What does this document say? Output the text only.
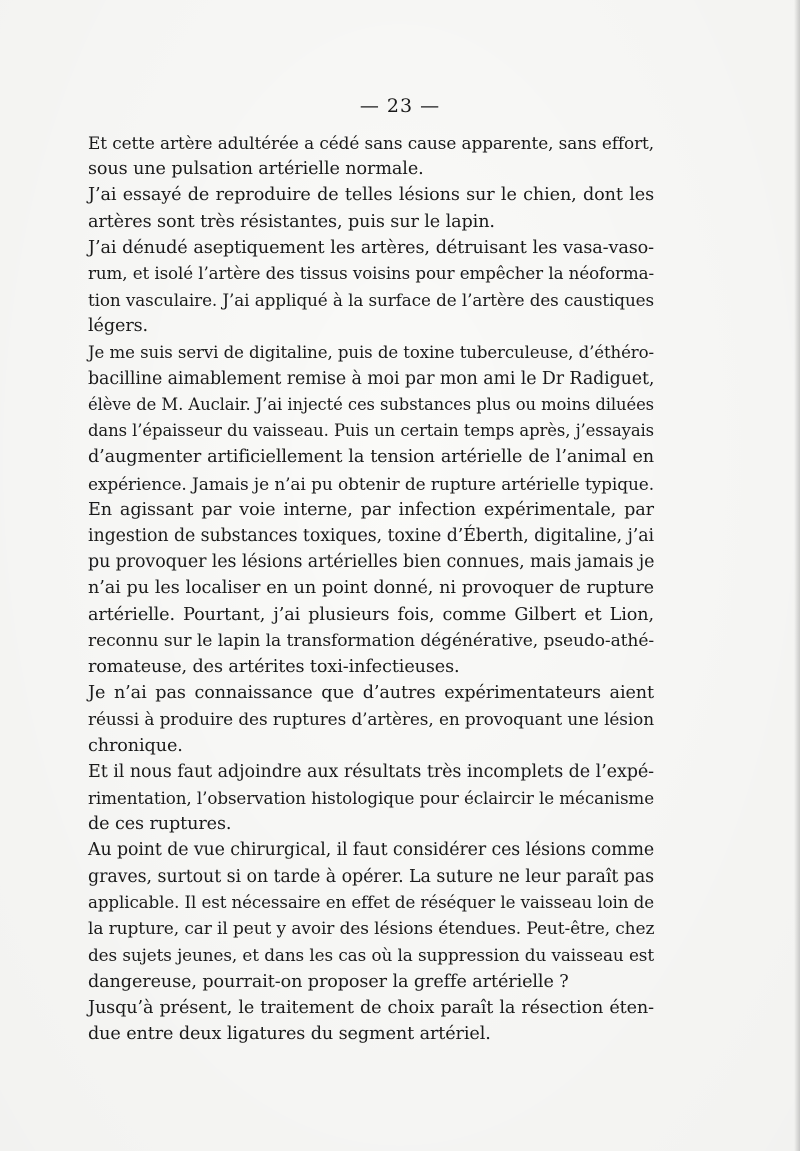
— 23 —
Et cette artère adultérée a cédé sans cause apparente, sans effort,
sous une pulsation artérielle normale.
J’ai essayé de reproduire de telles lésions sur le chien, dont les
artères sont très résistantes, puis sur le lapin.
J’ai dénudé aseptiquement les artères, détruisant les vasa-vaso-
rum, et isolé l’artère des tissus voisins pour empêcher la néoforma-
tion vasculaire. J’ai appliqué à la surface de l’artère des caustiques
légers.
Je me suis servi de digitaline, puis de toxine tuberculeuse, d’éthéro-
bacilline aimablement remise à moi par mon ami le Dr Radiguet,
élève de M. Auclair. J’ai injecté ces substances plus ou moins diluées
dans l’épaisseur du vaisseau. Puis un certain temps après, j’essayais
d’augmenter artificiellement la tension artérielle de l’animal en
expérience. Jamais je n’ai pu obtenir de rupture artérielle typique.
En agissant par voie interne, par infection expérimentale, par
ingestion de substances toxiques, toxine d’Éberth, digitaline, j’ai
pu provoquer les lésions artérielles bien connues, mais jamais je
n’ai pu les localiser en un point donné, ni provoquer de rupture
artérielle. Pourtant, j’ai plusieurs fois, comme Gilbert et Lion,
reconnu sur le lapin la transformation dégénérative, pseudo-athé-
romateuse, des artérites toxi-infectieuses.
Je n’ai pas connaissance que d’autres expérimentateurs aient
réussi à produire des ruptures d’artères, en provoquant une lésion
chronique.
Et il nous faut adjoindre aux résultats très incomplets de l’expé-
rimentation, l’observation histologique pour éclaircir le mécanisme
de ces ruptures.
Au point de vue chirurgical, il faut considérer ces lésions comme
graves, surtout si on tarde à opérer. La suture ne leur paraît pas
applicable. Il est nécessaire en effet de réséquer le vaisseau loin de
la rupture, car il peut y avoir des lésions étendues. Peut-être, chez
des sujets jeunes, et dans les cas où la suppression du vaisseau est
dangereuse, pourrait-on proposer la greffe artérielle ?
Jusqu’à présent, le traitement de choix paraît la résection éten-
due entre deux ligatures du segment artériel.
